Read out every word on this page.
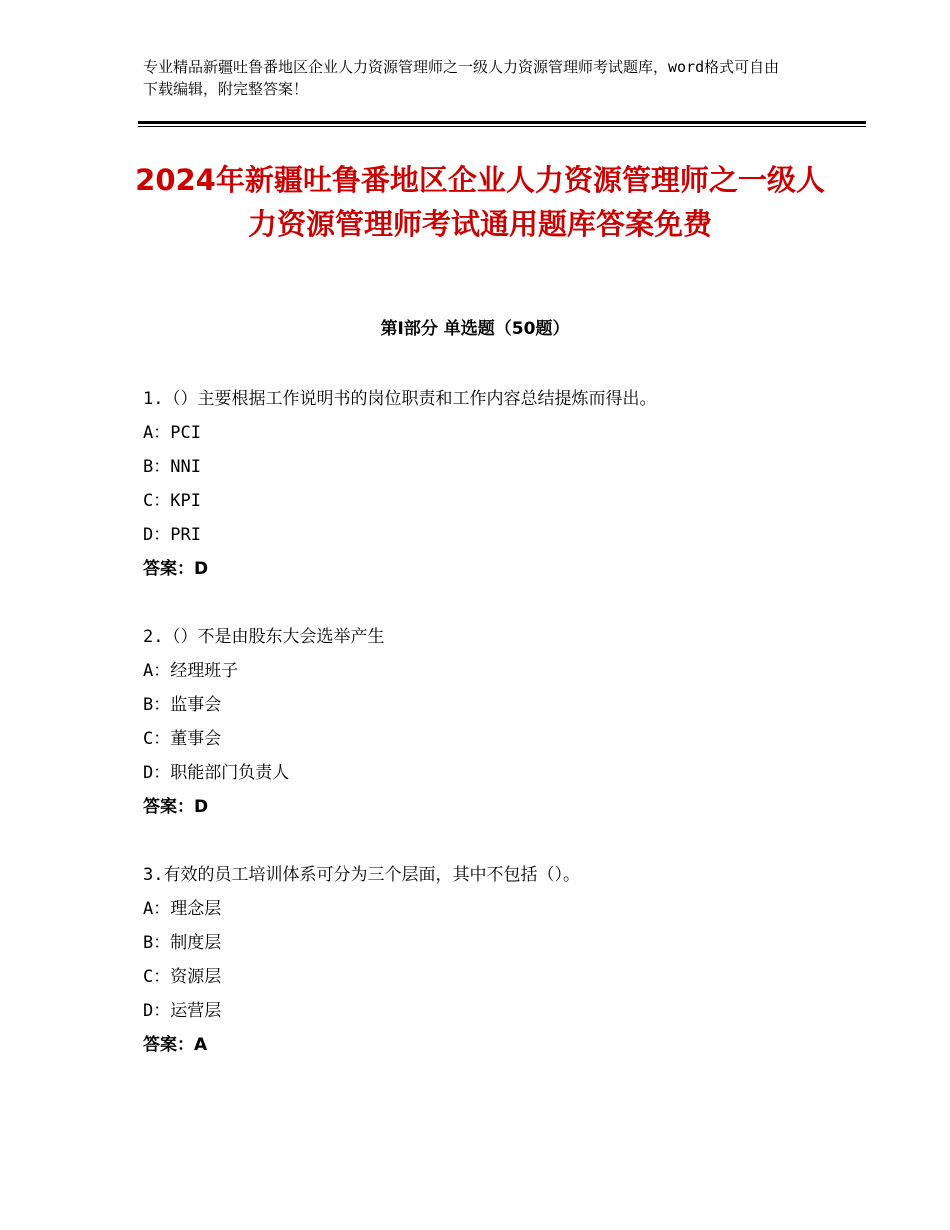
专业精品新疆吐鲁番地区企业人力资源管理师之一级人力资源管理师考试题库，word格式可自由下载编辑，附完整答案！
2024年新疆吐鲁番地区企业人力资源管理师之一级人力资源管理师考试通用题库答案免费
第Ⅰ部分 单选题（50题）
1.（）主要根据工作说明书的岗位职责和工作内容总结提炼而得出。
A：PCI
B：NNI
C：KPI
D：PRI
答案：D
2.（）不是由股东大会选举产生
A：经理班子
B：监事会
C：董事会
D：职能部门负责人
答案：D
3.有效的员工培训体系可分为三个层面，其中不包括（）。
A：理念层
B：制度层
C：资源层
D：运营层
答案：A
